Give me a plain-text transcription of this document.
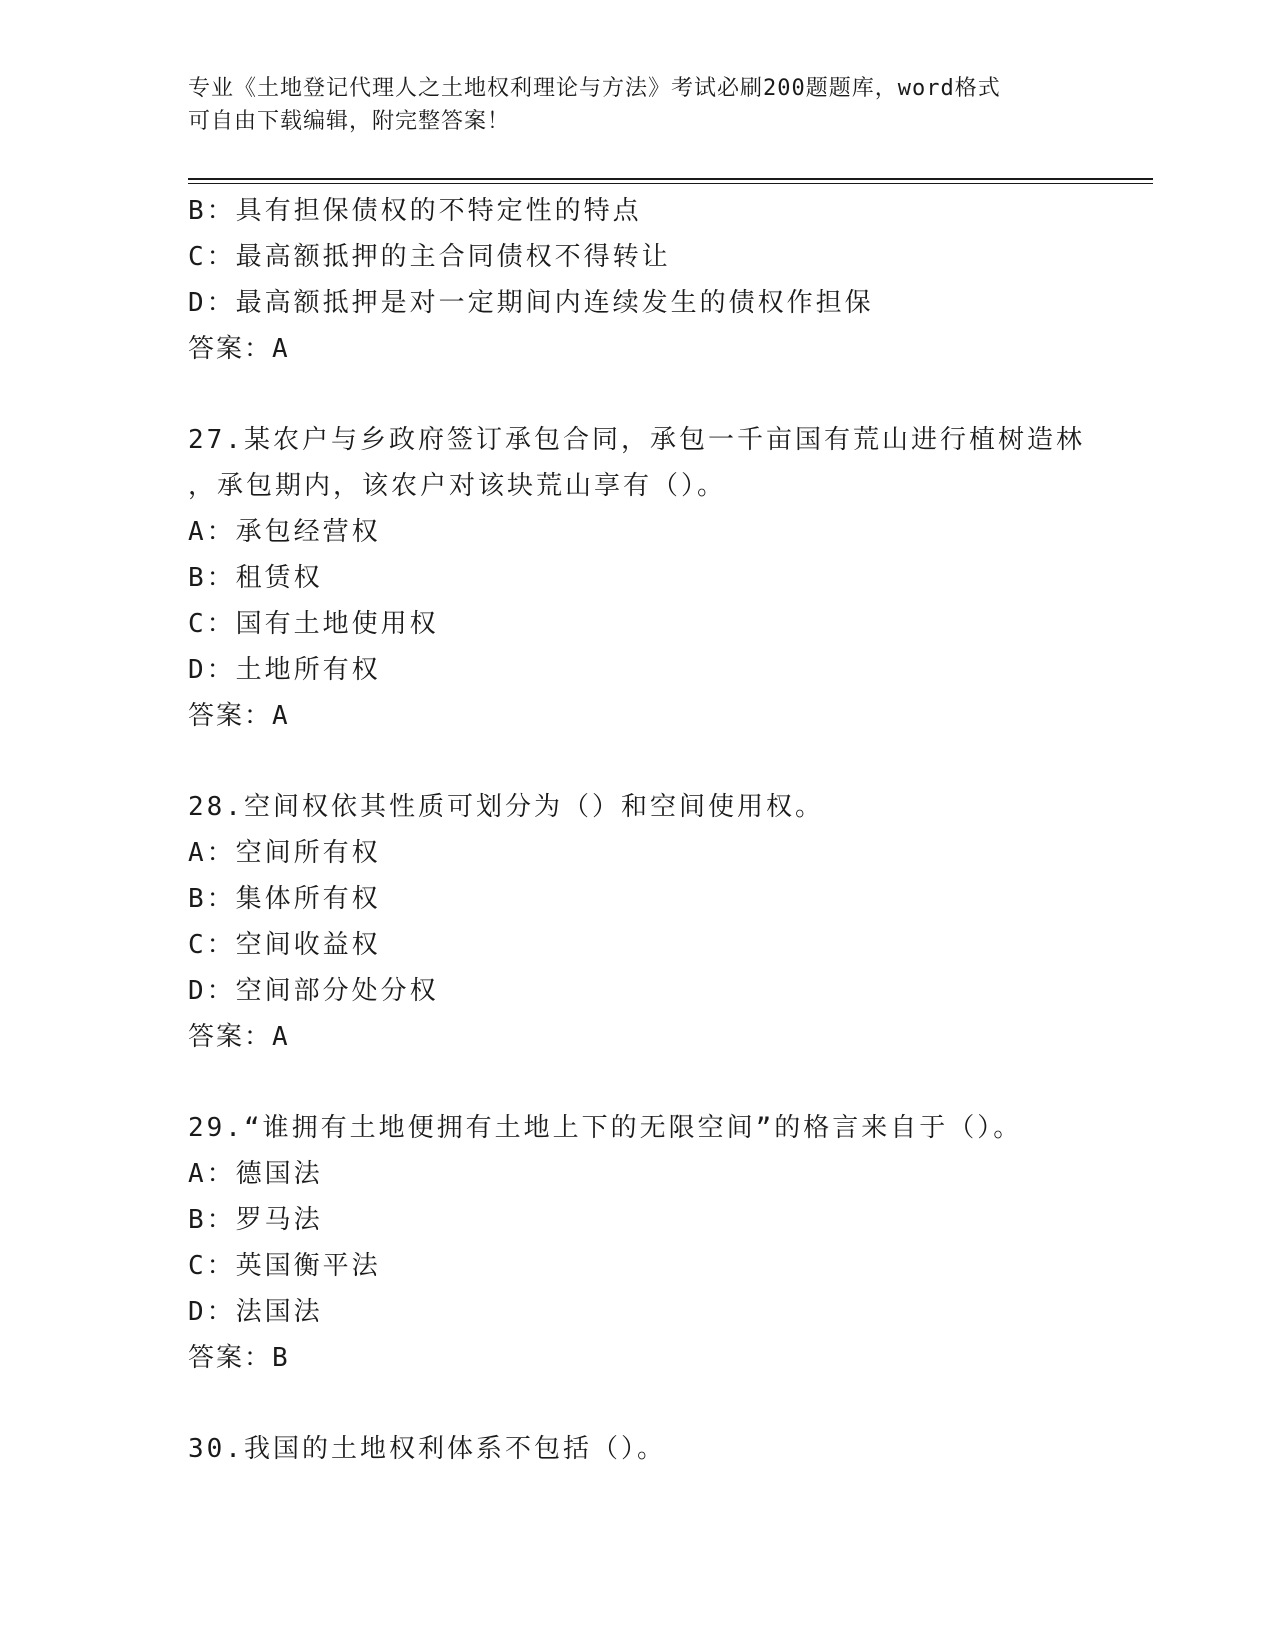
专业《土地登记代理人之土地权利理论与方法》考试必刷200题题库，word格式
可自由下载编辑，附完整答案！
B：具有担保债权的不特定性的特点
C：最高额抵押的主合同债权不得转让
D：最高额抵押是对一定期间内连续发生的债权作担保
答案：A
27.某农户与乡政府签订承包合同，承包一千亩国有荒山进行植树造林
，承包期内，该农户对该块荒山享有（）。
A：承包经营权
B：租赁权
C：国有土地使用权
D：土地所有权
答案：A
28.空间权依其性质可划分为（）和空间使用权。
A：空间所有权
B：集体所有权
C：空间收益权
D：空间部分处分权
答案：A
29.“谁拥有土地便拥有土地上下的无限空间”的格言来自于（）。
A：德国法
B：罗马法
C：英国衡平法
D：法国法
答案：B
30.我国的土地权利体系不包括（）。
